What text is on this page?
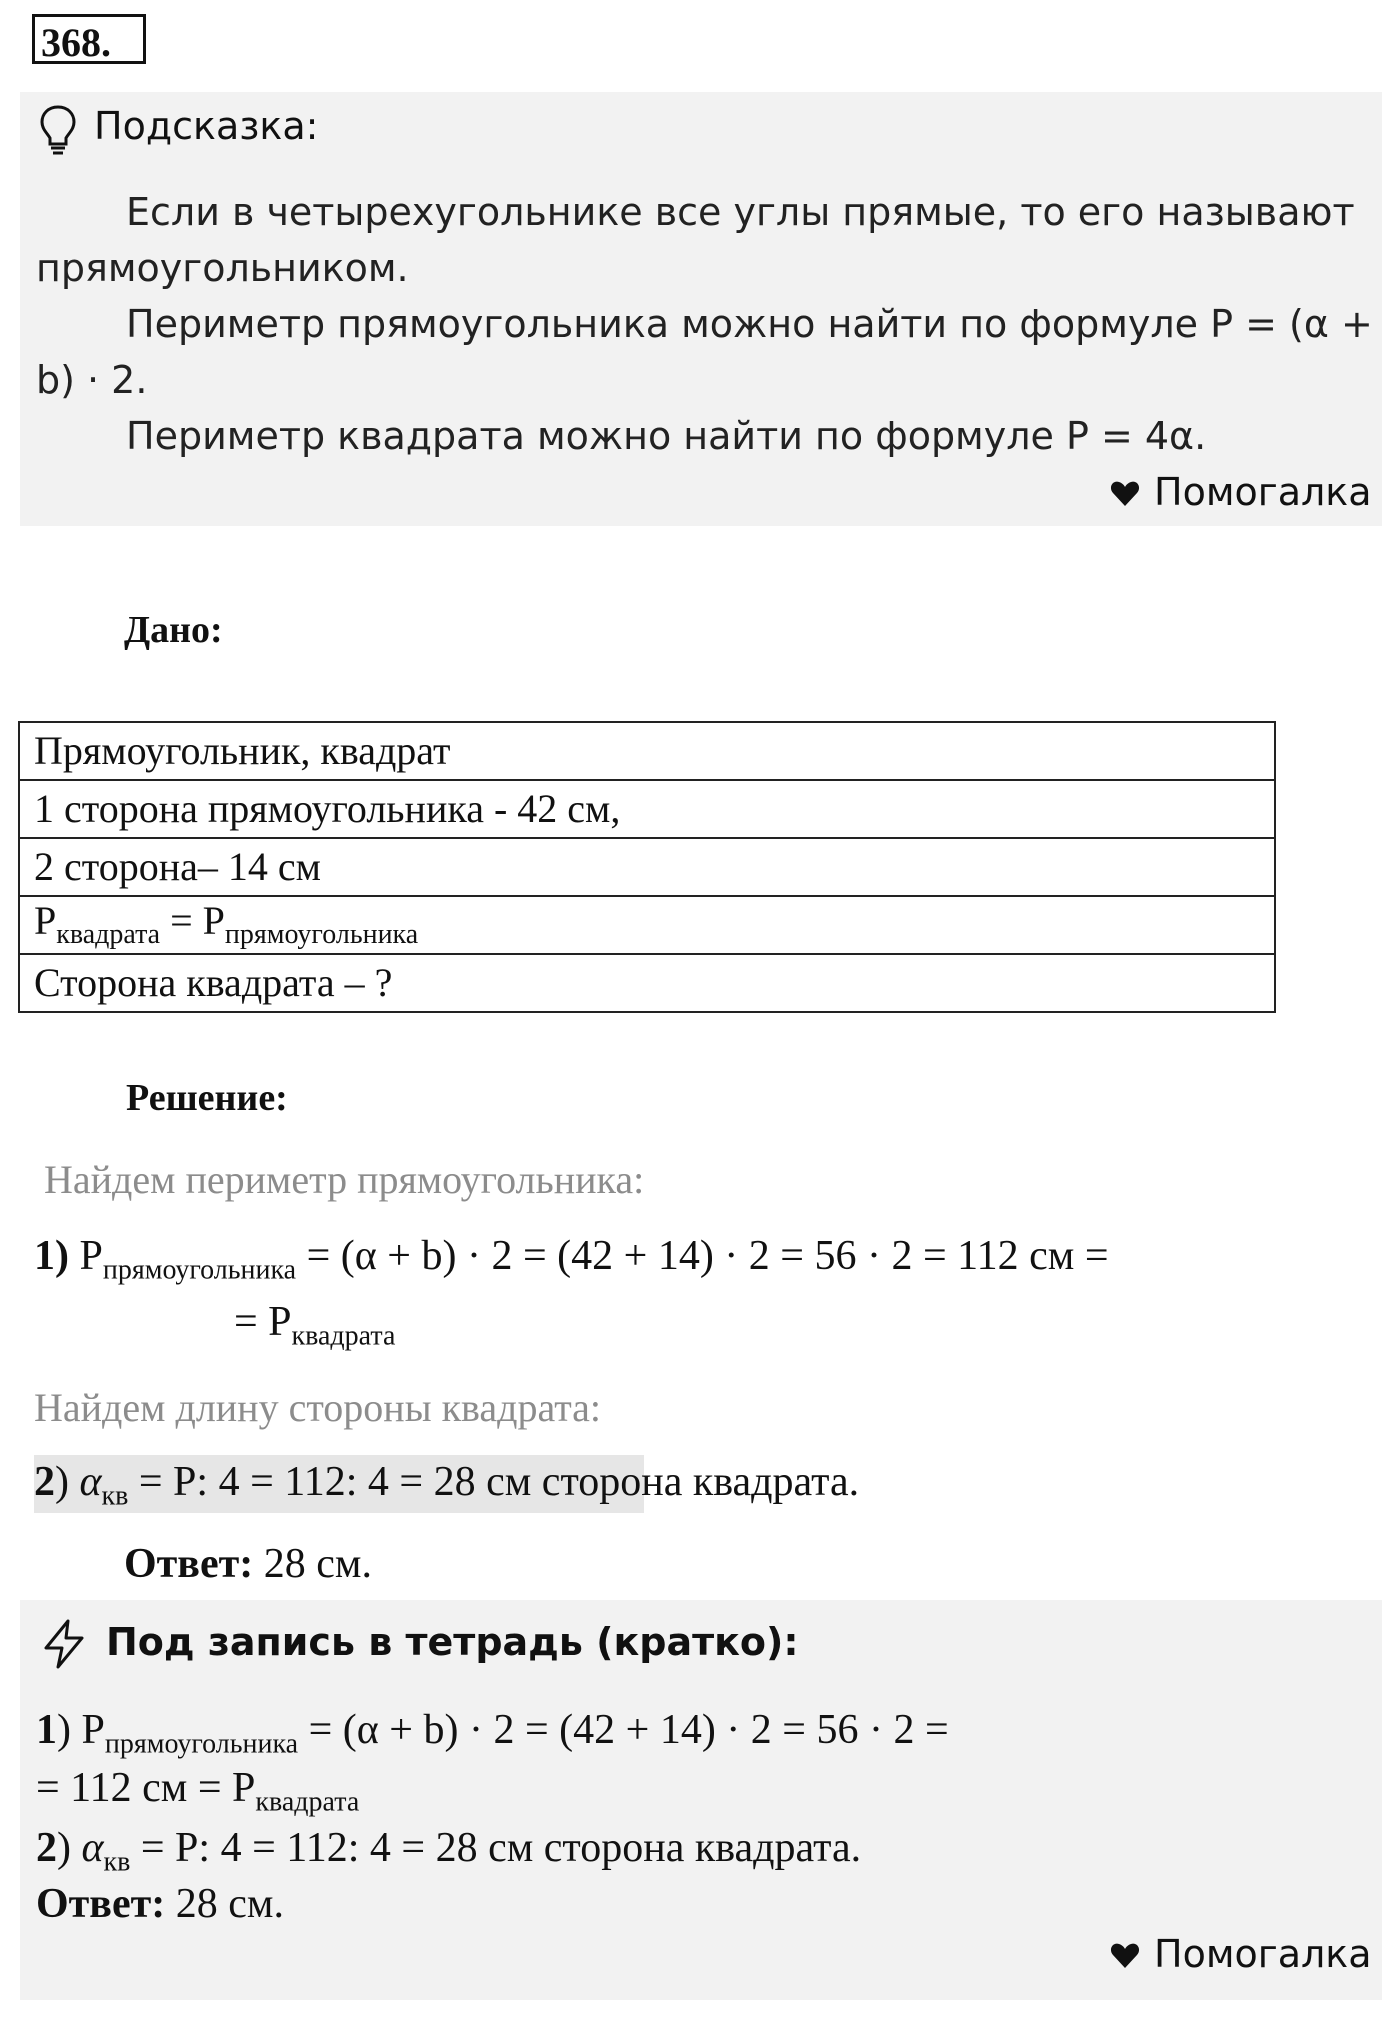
368.
Подсказка:
Если в четырехугольнике все углы прямые, то его называют
прямоугольником.
Периметр прямоугольника можно найти по формуле P = (α +
b) · 2.
Периметр квадрата можно найти по формуле P = 4α.
Помогалка
Дано:
Прямоугольник, квадрат
1 сторона прямоугольника - 42 см,
2 сторона– 14 см
$P_{квадрата} = P_{прямоугольника}$
Сторона квадрата – ?
Решение:
Найдем периметр прямоугольника:
1) $P_{прямоугольника} = (\alpha + b) \cdot 2 = (42 + 14) \cdot 2 = 56 \cdot 2 = 112$ см =
= $P_{квадрата}$
Найдем длину стороны квадрата:
2) $\alpha_{кв} = P$: 4 = 112: 4 = 28 см сторона квадрата.
Ответ: 28 см.
Под запись в тетрадь (кратко):
1) $P_{прямоугольника} = (\alpha + b) \cdot 2 = (42 + 14) \cdot 2 = 56 \cdot 2$ =
= 112 см = $P_{квадрата}$
2) $\alpha_{кв} = P$: 4 = 112: 4 = 28 см сторона квадрата.
Ответ: 28 см.
Помогалка
